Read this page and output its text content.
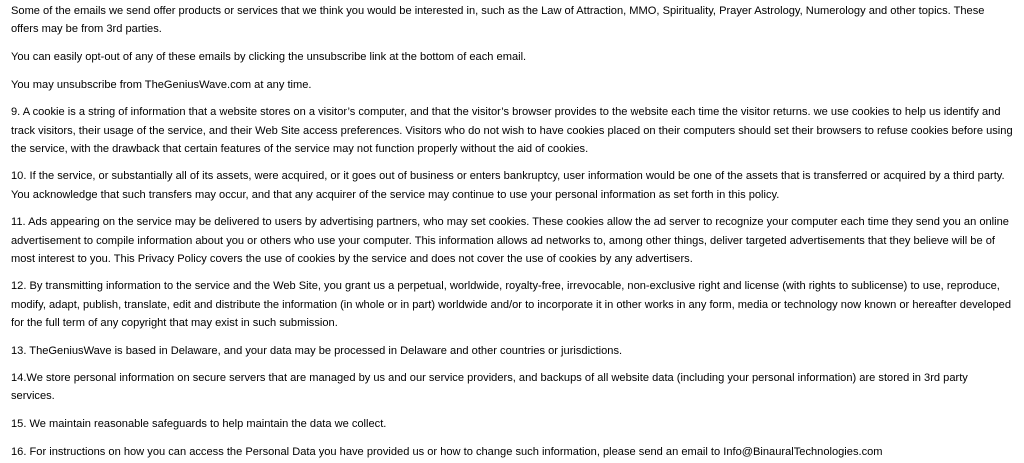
Some of the emails we send offer products or services that we think you would be interested in, such as the Law of Attraction, MMO, Spirituality, Prayer Astrology, Numerology and other topics. These offers may be from 3rd parties.

You can easily opt-out of any of these emails by clicking the unsubscribe link at the bottom of each email.

You may unsubscribe from TheGeniusWave.com at any time.

9. A cookie is a string of information that a website stores on a visitor’s computer, and that the visitor’s browser provides to the website each time the visitor returns. we use cookies to help us identify and track visitors, their usage of the service, and their Web Site access preferences. Visitors who do not wish to have cookies placed on their computers should set their browsers to refuse cookies before using the service, with the drawback that certain features of the service may not function properly without the aid of cookies.

10. If the service, or substantially all of its assets, were acquired, or it goes out of business or enters bankruptcy, user information would be one of the assets that is transferred or acquired by a third party. You acknowledge that such transfers may occur, and that any acquirer of the service may continue to use your personal information as set forth in this policy.

11. Ads appearing on the service may be delivered to users by advertising partners, who may set cookies. These cookies allow the ad server to recognize your computer each time they send you an online advertisement to compile information about you or others who use your computer. This information allows ad networks to, among other things, deliver targeted advertisements that they believe will be of most interest to you. This Privacy Policy covers the use of cookies by the service and does not cover the use of cookies by any advertisers.

12. By transmitting information to the service and the Web Site, you grant us a perpetual, worldwide, royalty-free, irrevocable, non-exclusive right and license (with rights to sublicense) to use, reproduce, modify, adapt, publish, translate, edit and distribute the information (in whole or in part) worldwide and/or to incorporate it in other works in any form, media or technology now known or hereafter developed for the full term of any copyright that may exist in such submission.

13. TheGeniusWave is based in Delaware, and your data may be processed in Delaware and other countries or jurisdictions.

14.We store personal information on secure servers that are managed by us and our service providers, and backups of all website data (including your personal information) are stored in 3rd party services.

15. We maintain reasonable safeguards to help maintain the data we collect.

16. For instructions on how you can access the Personal Data you have provided us or how to change such information, please send an email to Info@BinauralTechnologies.com
